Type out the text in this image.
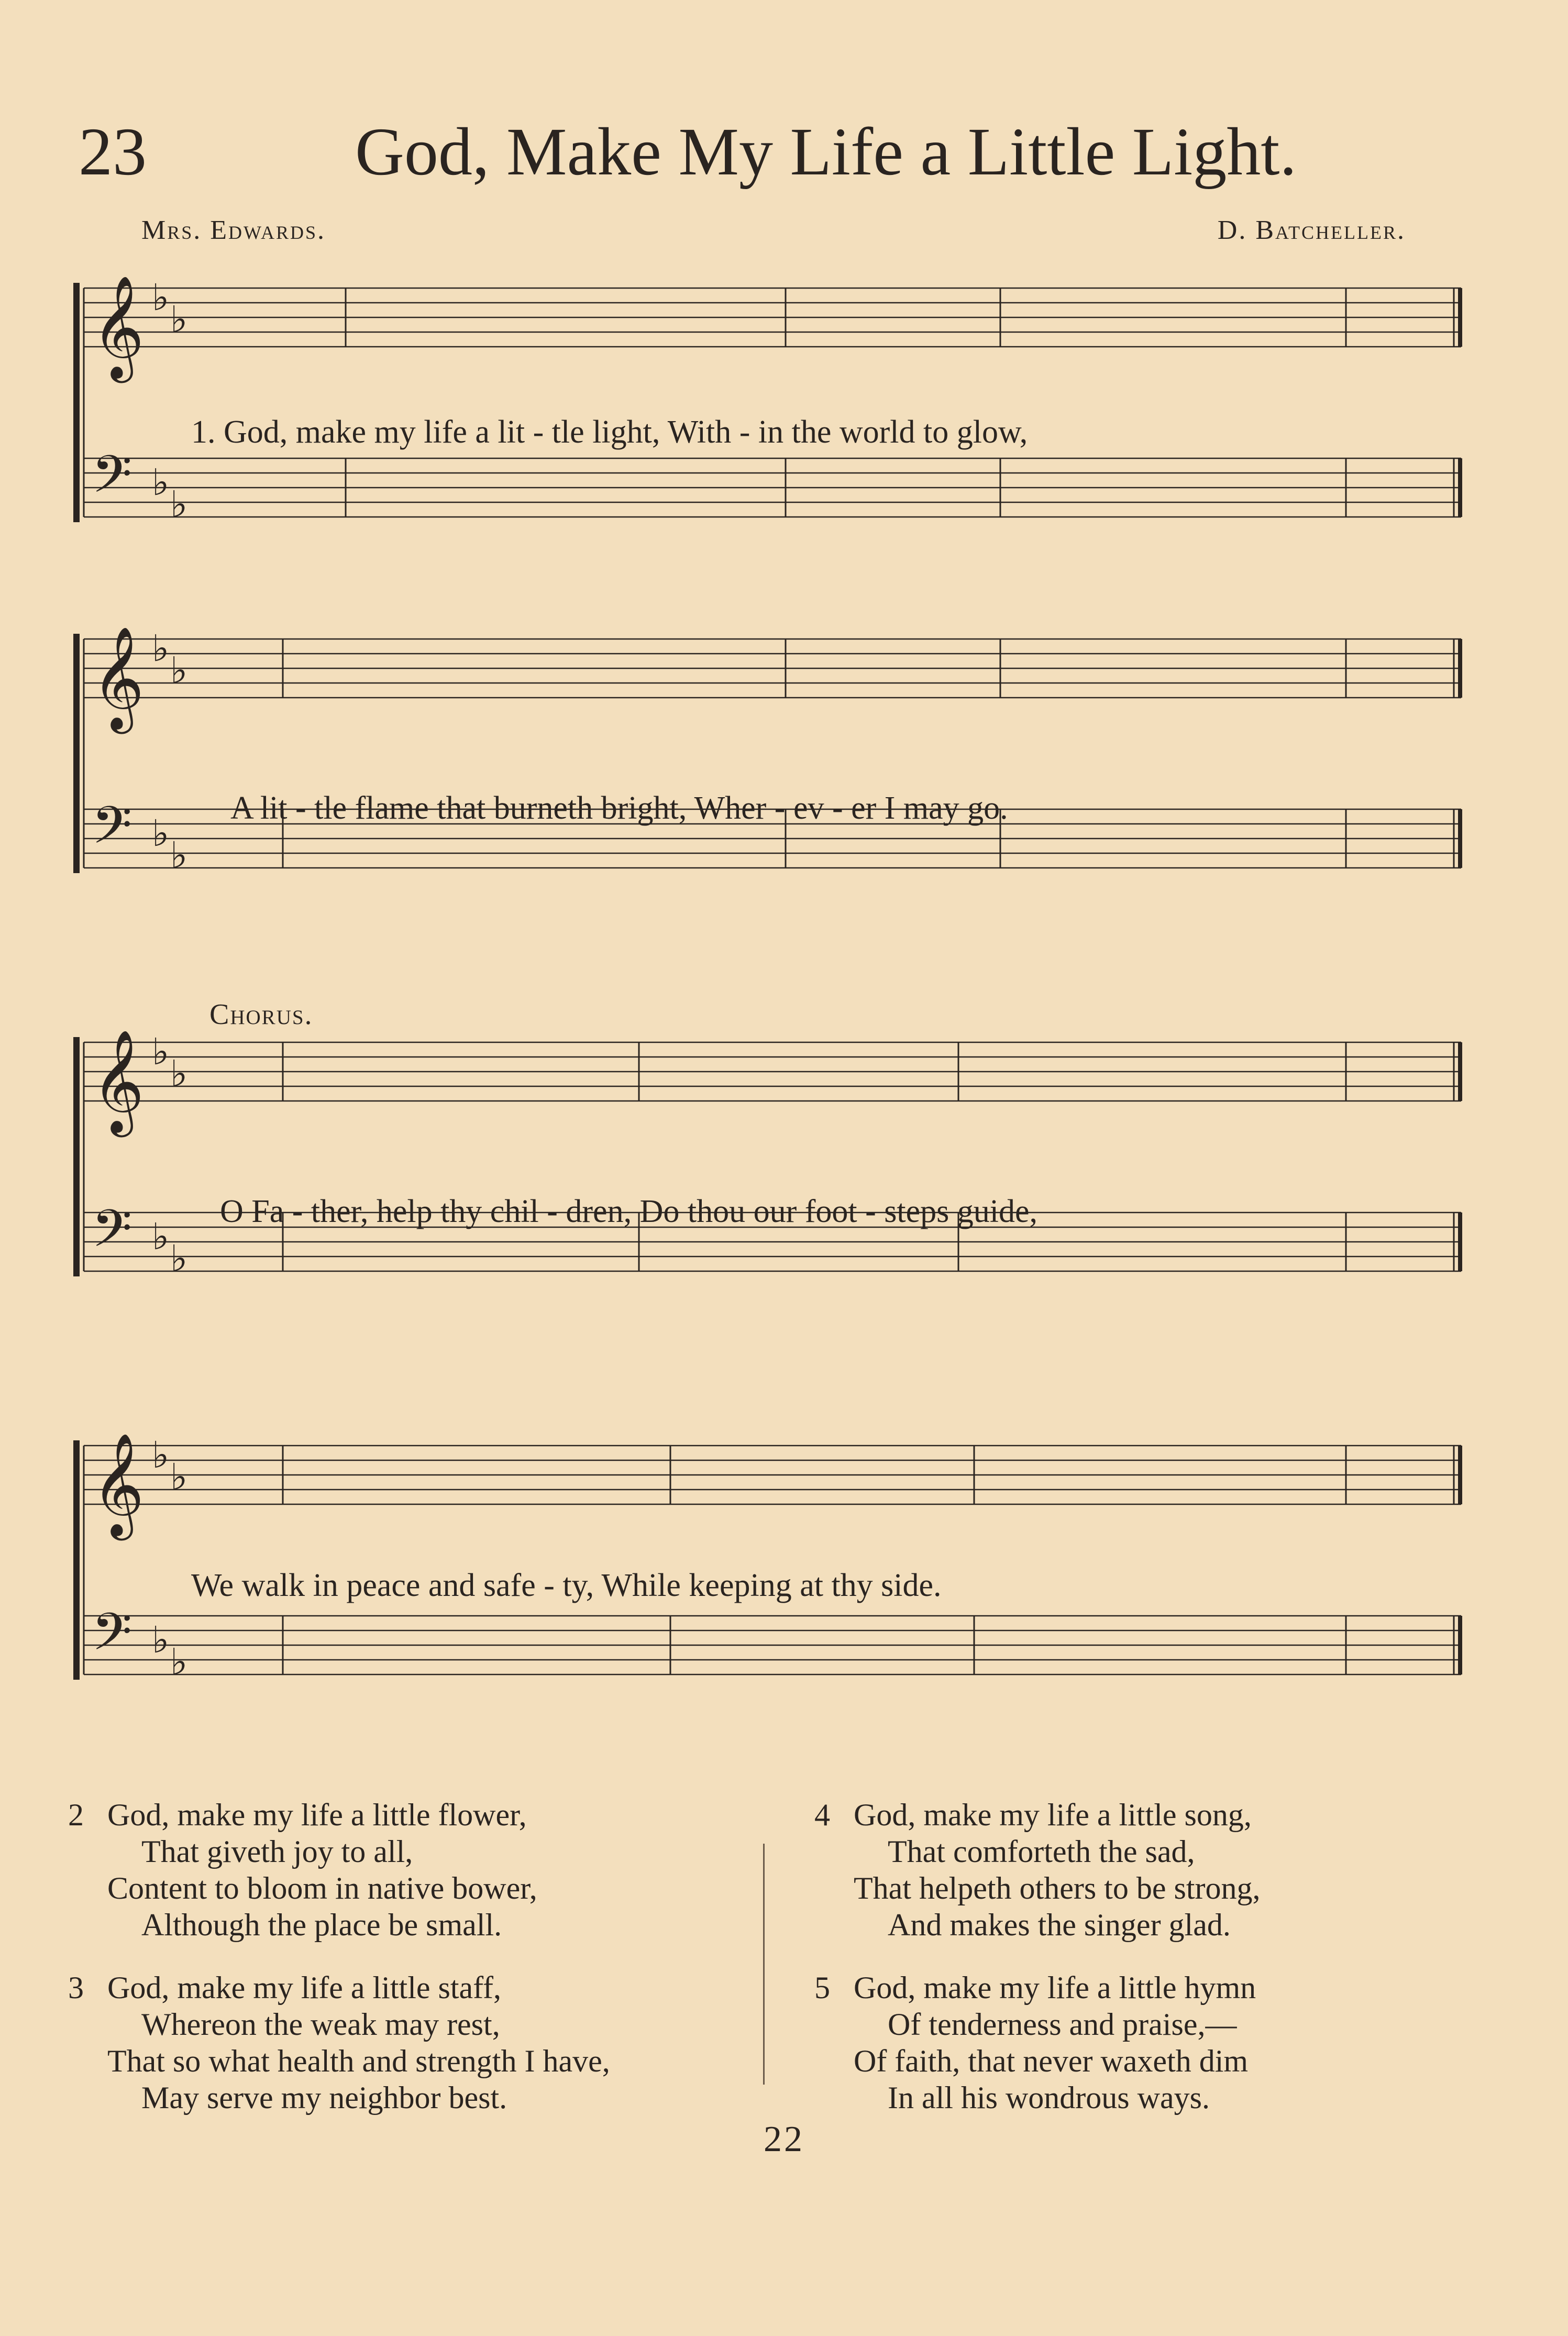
23	God, Make My Life a Little Light.
Mrs. Edwards.	D. Batcheller.
Chorus.
𝄞 ♭
♭
𝄢 ♭
♭
1. God, make my life a lit - tle light, With - in the world to glow,
𝄞 ♭
♭
𝄢 ♭
♭
A lit - tle flame that burneth bright, Wher - ev - er I may go.
𝄞 ♭
♭
𝄢 ♭
♭
O Fa - ther, help thy chil - dren, Do thou our foot - steps guide,
𝄞 ♭
♭
𝄢 ♭
♭
We walk in peace and safe - ty, While keeping at thy side.
2 God, make my life a little flower,
That giveth joy to all,
Content to bloom in native bower,
Although the place be small.
3 God, make my life a little staff,
Whereon the weak may rest,
That so what health and strength I have,
May serve my neighbor best.
4 God, make my life a little song,
That comforteth the sad,
That helpeth others to be strong,
And makes the singer glad.
5 God, make my life a little hymn
Of tenderness and praise,—
Of faith, that never waxeth dim
In all his wondrous ways.
22
